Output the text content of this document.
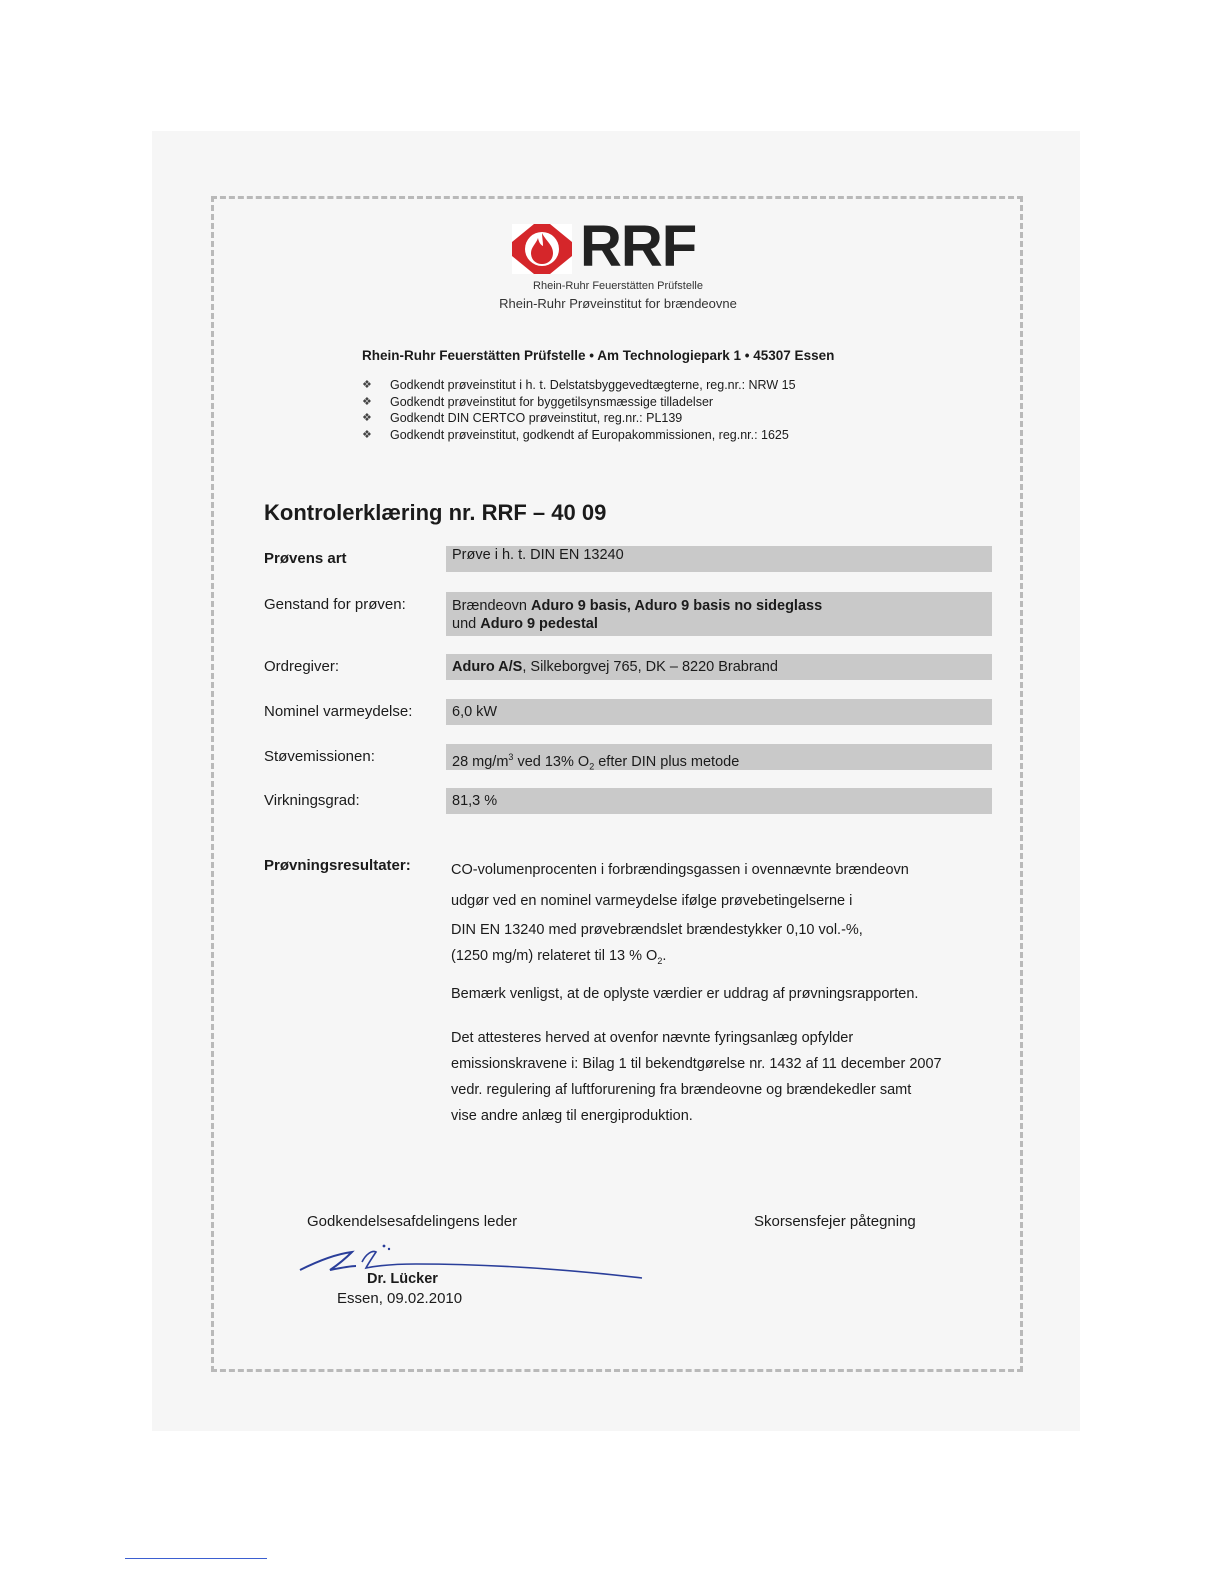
RRF
Rhein-Ruhr Feuerstätten Prüfstelle
Rhein-Ruhr Prøveinstitut for brændeovne
Rhein-Ruhr Feuerstätten Prüfstelle • Am Technologiepark 1 • 45307 Essen
❖ Godkendt prøveinstitut i h. t. Delstatsbyggevedtægterne, reg.nr.: NRW 15
❖ Godkendt prøveinstitut for byggetilsynsmæssige tilladelser
❖ Godkendt DIN CERTCO prøveinstitut, reg.nr.: PL139
❖ Godkendt prøveinstitut, godkendt af Europakommissionen, reg.nr.: 1625
Kontrolerklæring nr. RRF – 40 09
Prøvens art	Prøve i h. t. DIN EN 13240
Genstand for prøven:	Brændeovn Aduro 9 basis, Aduro 9 basis no sideglass
und Aduro 9 pedestal
Ordregiver:	Aduro A/S, Silkeborgvej 765, DK – 8220 Brabrand
Nominel varmeydelse:	6,0 kW
Støvemissionen:	28 $mg/m^3$ ved 13% $O_2$ efter DIN plus metode
Virkningsgrad:	81,3 %
Prøvningsresultater:	CO-volumenprocenten i forbrændingsgassen i ovennævnte brændeovn

udgør ved en nominel varmeydelse ifølge prøvebetingelserne i

DIN EN 13240 med prøvebrændslet brændestykker 0,10 vol.-%,

(1250 mg/m) relateret til 13 % $O_2$.

Bemærk venligst, at de oplyste værdier er uddrag af prøvningsrapporten.

Det attesteres herved at ovenfor nævnte fyringsanlæg opfylder

emissionskravene i: Bilag 1 til bekendtgørelse nr. 1432 af 11 december 2007

vedr. regulering af luftforurening fra brændeovne og brændekedler samt

vise andre anlæg til energiproduktion.

Godkendelsesafdelingens leder	Skorsensfejer påtegning
Dr. Lücker
Essen, 09.02.2010
